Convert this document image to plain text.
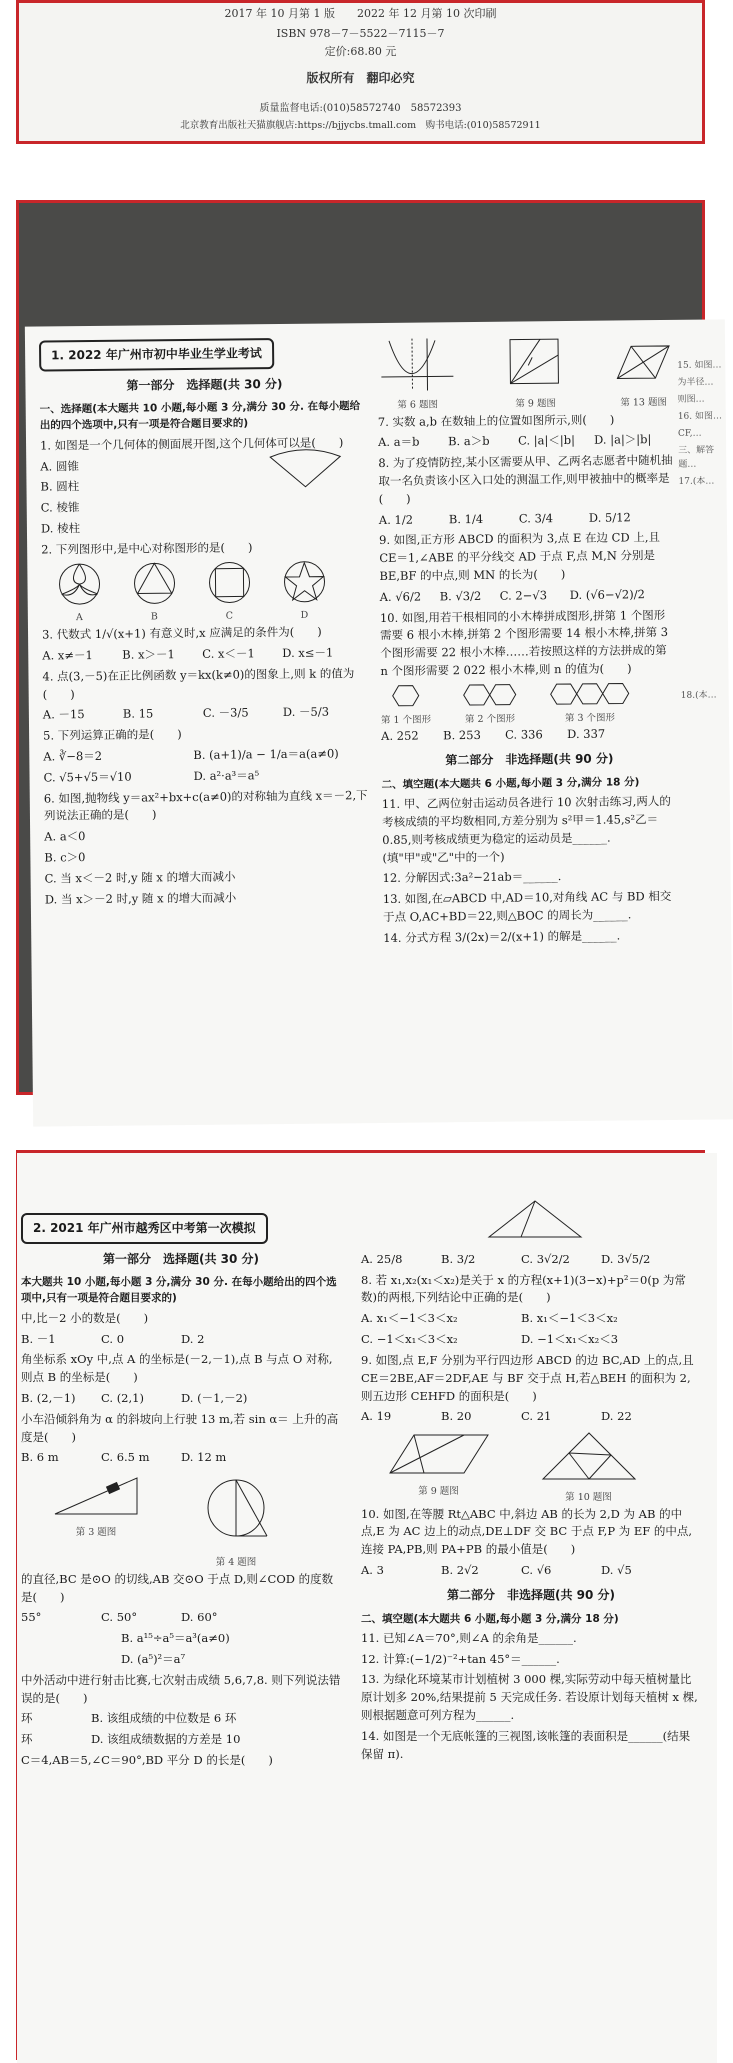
2017 年 10 月第 1 版　　2022 年 12 月第 10 次印刷
ISBN 978－7－5522－7115－7
定价:68.80 元
版权所有　翻印必究
质量监督电话:(010)58572740　58572393
北京教育出版社天猫旗舰店:https://bjjycbs.tmall.com　购书电话:(010)58572911
1. 2022 年广州市初中毕业生学业考试

第一部分　选择题(共 30 分)

一、选择题(本大题共 10 小题,每小题 3 分,满分 30 分. 在每小题给出的四个选项中,只有一项是符合题目要求的)

1. 如图是一个几何体的侧面展开图,这个几何体可以是(　　)

A. 圆锥

B. 圆柱

C. 棱锥

D. 棱柱

2. 下列图形中,是中心对称图形的是(　　)

A	B	C	D

3. 代数式 1/√(x+1) 有意义时,x 应满足的条件为(　　)

A. x≠－1	B. x＞－1 C. x＜－1 D. x≤－1

4. 点(3,－5)在正比例函数 y＝kx(k≠0)的图象上,则 k 的值为(　　)

A. －15	B. 15	C. －3/5	D. －5/3

5. 下列运算正确的是(　　)

A. ∛−8＝2	B. (a+1)/a − 1/a＝a(a≠0)

C. √5+√5＝√10	D. a²·a³＝a⁵

6. 如图,抛物线 y＝ax²+bx+c(a≠0)的对称轴为直线 x＝－2,下列说法正确的是(　　)

A. a＜0

B. c＞0

C. 当 x＜－2 时,y 随 x 的增大而减小

D. 当 x＞－2 时,y 随 x 的增大而减小

第 6 题图	第 9 题图	第 13 题图

7. 实数 a,b 在数轴上的位置如图所示,则(　　)

A. a＝b B. a＞b C. |a|＜|b| D. |a|＞|b|

8. 为了疫情防控,某小区需要从甲、乙两名志愿者中随机抽取一名负责该小区入口处的测温工作,则甲被抽中的概率是(　　)

A. 1/2	B. 1/4	C. 3/4	D. 5/12

9. 如图,正方形 ABCD 的面积为 3,点 E 在边 CD 上,且 CE＝1,∠ABE 的平分线交 AD 于点 F,点 M,N 分别是 BE,BF 的中点,则 MN 的长为(　　)

A. √6/2 B. √3/2 C. 2−√3 D. (√6−√2)/2

10. 如图,用若干根相同的小木棒拼成图形,拼第 1 个图形需要 6 根小木棒,拼第 2 个图形需要 14 根小木棒,拼第 3 个图形需要 22 根小木棒……若按照这样的方法拼成的第 n 个图形需要 2 022 根小木棒,则 n 的值为(　　)

第 1 个图形	第 2 个图形	第 3 个图形

A. 252 B. 253 C. 336 D. 337

第二部分　非选择题(共 90 分)

二、填空题(本大题共 6 小题,每小题 3 分,满分 18 分)

11. 甲、乙两位射击运动员各进行 10 次射击练习,两人的考核成绩的平均数相同,方差分别为 s²甲＝1.45,s²乙＝0.85,则考核成绩更为稳定的运动员是______. (填"甲"或"乙"中的一个)

12. 分解因式:3a²−21ab＝______.

13. 如图,在▱ABCD 中,AD＝10,对角线 AC 与 BD 相交于点 O,AC+BD＝22,则△BOC 的周长为______.

14. 分式方程 3/(2x)＝2/(x+1) 的解是______.

15. 如图…

为半径…

则图…

16. 如图…

CF,…

三、解答题…

17.(本…

18.(本…

2. 2021 年广州市越秀区中考第一次模拟

第一部分　选择题(共 30 分)

本大题共 10 小题,每小题 3 分,满分 30 分. 在每小题给出的四个选项中,只有一项是符合题目要求的)

中,比－2 小的数是(　　)

B. －1	C. 0	D. 2

角坐标系 xOy 中,点 A 的坐标是(－2,－1),点 B 与点 O 对称,则点 B 的坐标是(　　)

B. (2,－1) C. (2,1)	D. (－1,－2)

小车沿倾斜角为 α 的斜坡向上行驶 13 m,若 sin α＝ 上升的高度是(　　)

B. 6 m	C. 6.5 m	D. 12 m

第 3 题图
第 4 题图

的直径,BC 是⊙O 的切线,AB 交⊙O 于点 D,则∠COD 的度数是(　　)

55°	C. 50°	D. 60°

B. a¹⁵÷a⁵＝a³(a≠0)

D. (a⁵)²＝a⁷

中外活动中进行射击比赛,七次射击成绩 5,6,7,8. 则下列说法错误的是(　　)

环	B. 该组成绩的中位数是 6 环

环	D. 该组成绩数据的方差是 10

C＝4,AB＝5,∠C＝90°,BD 平分 D 的长是(　　)

A. 25/8	B. 3/2	C. 3√2/2	D. 3√5/2

8. 若 x₁,x₂(x₁＜x₂)是关于 x 的方程(x+1)(3−x)+p²＝0(p 为常数)的两根,下列结论中正确的是(　　)

A. x₁＜−1＜3＜x₂	B. x₁＜−1＜3＜x₂

C. −1＜x₁＜3＜x₂	D. −1＜x₁＜x₂＜3

9. 如图,点 E,F 分别为平行四边形 ABCD 的边 BC,AD 上的点,且 CE＝2BE,AF＝2DF,AE 与 BF 交于点 H,若△BEH 的面积为 2,则五边形 CEHFD 的面积是(　　)

A. 19	B. 20	C. 21	D. 22

第 9 题图
第 10 题图

10. 如图,在等腰 Rt△ABC 中,斜边 AB 的长为 2,D 为 AB 的中点,E 为 AC 边上的动点,DE⊥DF 交 BC 于点 F,P 为 EF 的中点,连接 PA,PB,则 PA+PB 的最小值是(　　)

A. 3	B. 2√2	C. √6	D. √5

第二部分　非选择题(共 90 分)

二、填空题(本大题共 6 小题,每小题 3 分,满分 18 分)

11. 已知∠A＝70°,则∠A 的余角是______.

12. 计算:(−1/2)⁻²+tan 45°＝______.

13. 为绿化环境某市计划植树 3 000 棵,实际劳动中每天植树量比原计划多 20%,结果提前 5 天完成任务. 若设原计划每天植树 x 棵,则根据题意可列方程为______.

14. 如图是一个无底帐篷的三视图,该帐篷的表面积是______(结果保留 π).
